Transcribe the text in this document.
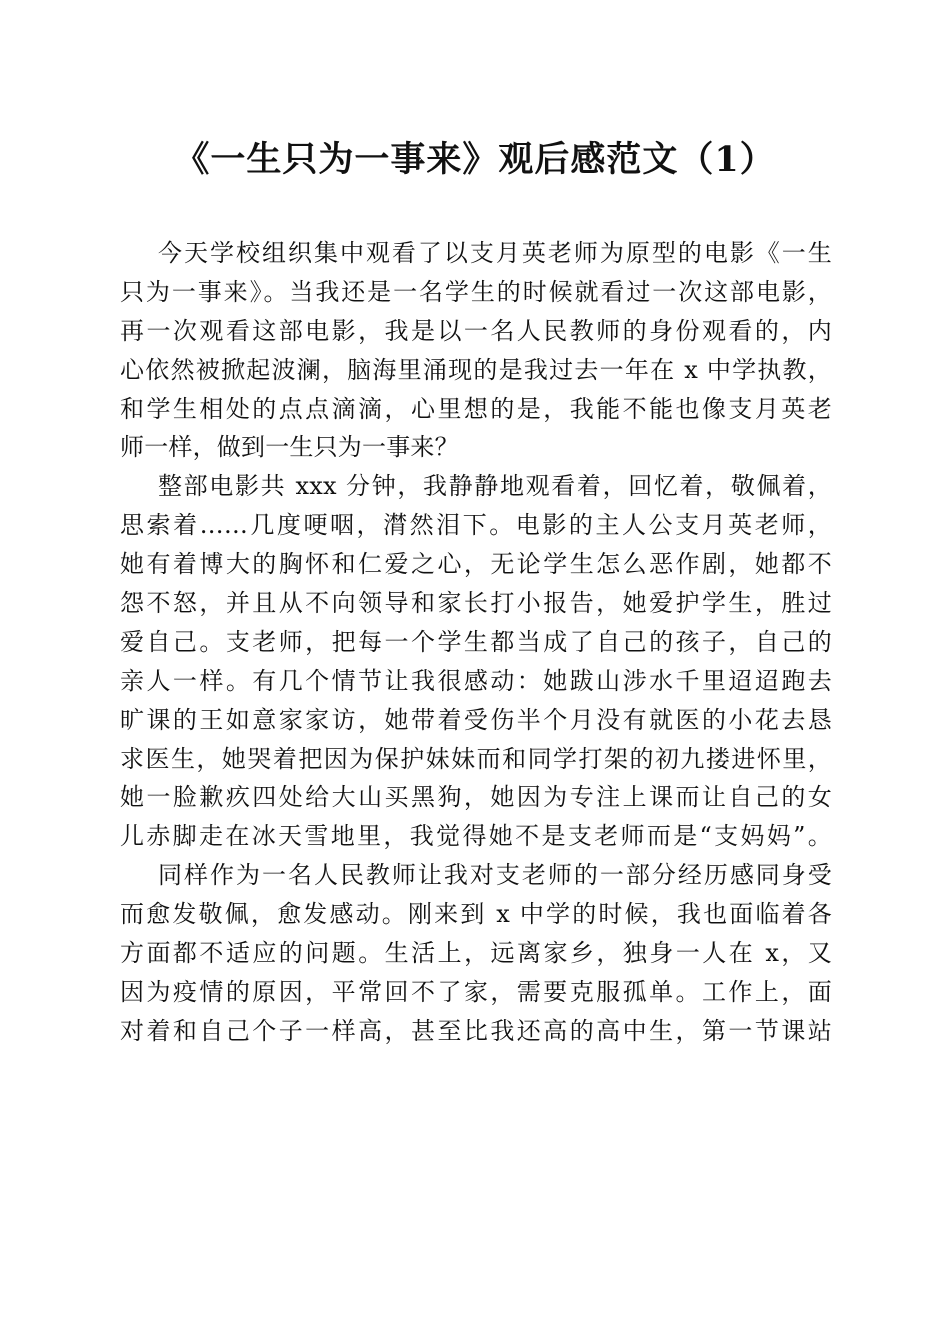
《一生只为一事来》观后感范文（1）
今天学校组织集中观看了以支月英老师为原型的电影《一生
只为一事来》。当我还是一名学生的时候就看过一次这部电影，
再一次观看这部电影，我是以一名人民教师的身份观看的，内
心依然被掀起波澜，脑海里涌现的是我过去一年在 x 中学执教，
和学生相处的点点滴滴，心里想的是，我能不能也像支月英老
师一样，做到一生只为一事来？
整部电影共 xxx 分钟，我静静地观看着，回忆着，敬佩着，
思索着……几度哽咽，潸然泪下。电影的主人公支月英老师，
她有着博大的胸怀和仁爱之心，无论学生怎么恶作剧，她都不
怨不怒，并且从不向领导和家长打小报告，她爱护学生，胜过
爱自己。支老师，把每一个学生都当成了自己的孩子，自己的
亲人一样。有几个情节让我很感动：她跋山涉水千里迢迢跑去
旷课的王如意家家访，她带着受伤半个月没有就医的小花去恳
求医生，她哭着把因为保护妹妹而和同学打架的初九搂进怀里，
她一脸歉疚四处给大山买黑狗，她因为专注上课而让自己的女
儿赤脚走在冰天雪地里，我觉得她不是支老师而是“支妈妈”。
同样作为一名人民教师让我对支老师的一部分经历感同身受
而愈发敬佩，愈发感动。刚来到 x 中学的时候，我也面临着各
方面都不适应的问题。生活上，远离家乡，独身一人在 x，又
因为疫情的原因，平常回不了家，需要克服孤单。工作上，面
对着和自己个子一样高，甚至比我还高的高中生，第一节课站
